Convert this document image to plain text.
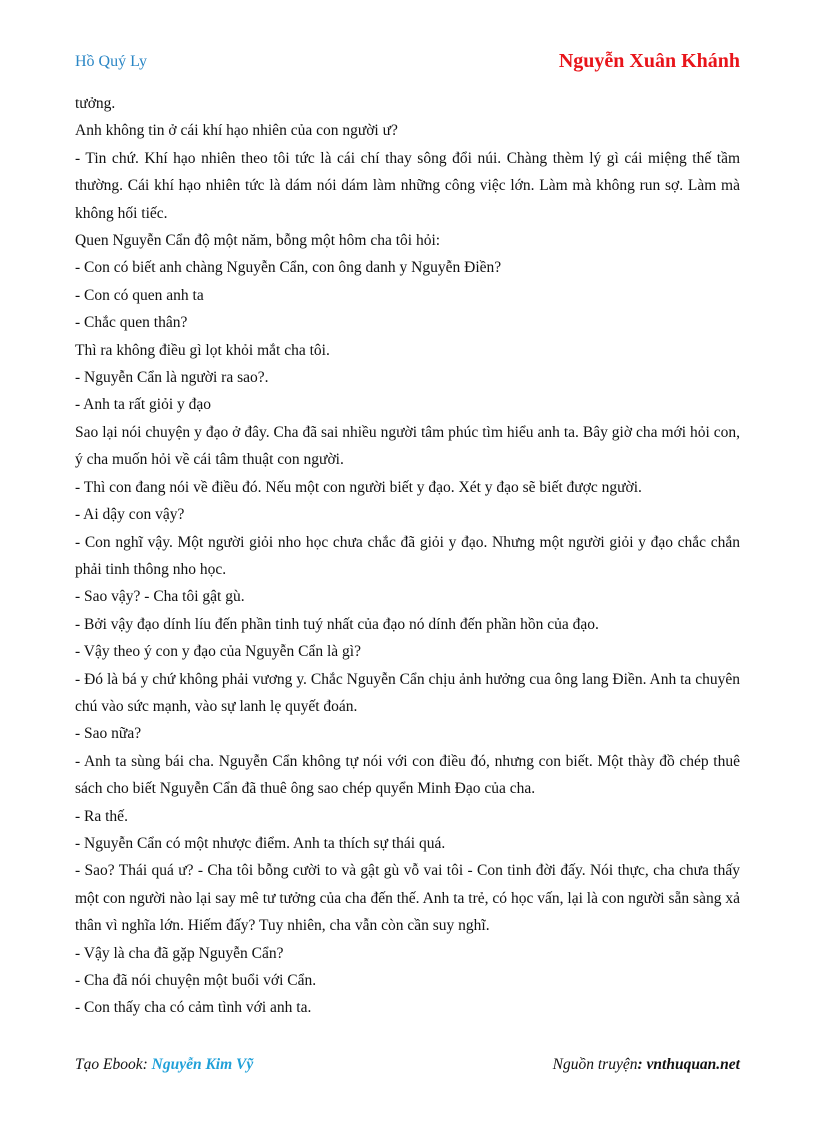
Hồ Quý Ly	Nguyễn Xuân Khánh

tưởng.

Anh không tin ở cái khí hạo nhiên của con người ư?

- Tin chứ. Khí hạo nhiên theo tôi tức là cái chí thay sông đổi núi. Chàng thèm lý gì cái miệng thế tầm thường. Cái khí hạo nhiên tức là dám nói dám làm những công việc lớn. Làm mà không run sợ. Làm mà không hối tiếc.

Quen Nguyễn Cẩn độ một năm, bỗng một hôm cha tôi hỏi:

- Con có biết anh chàng Nguyễn Cẩn, con ông danh y Nguyễn Điền?

- Con có quen anh ta

- Chắc quen thân?

Thì ra không điều gì lọt khỏi mắt cha tôi.

- Nguyễn Cẩn là người ra sao?.

- Anh ta rất giỏi y đạo

Sao lại nói chuyện y đạo ở đây. Cha đã sai nhiều người tâm phúc tìm hiểu anh ta. Bây giờ cha mới hỏi con, ý cha muốn hỏi về cái tâm thuật con người.

- Thì con đang nói về điều đó. Nếu một con người biết y đạo. Xét y đạo sẽ biết được người.

- Ai dậy con vậy?

- Con nghĩ vậy. Một người giỏi nho học chưa chắc đã giỏi y đạo. Nhưng một người giỏi y đạo chắc chắn phải tinh thông nho học.

- Sao vậy? - Cha tôi gật gù.

- Bởi vậy đạo dính líu đến phần tinh tuý nhất của đạo nó dính đến phần hồn của đạo.

- Vậy theo ý con y đạo của Nguyễn Cẩn là gì?

- Đó là bá y chứ không phải vương y. Chắc Nguyễn Cẩn chịu ảnh hưởng cua ông lang Điền. Anh ta chuyên chú vào sức mạnh, vào sự lanh lẹ quyết đoán.

- Sao nữa?

- Anh ta sùng bái cha. Nguyễn Cẩn không tự nói với con điều đó, nhưng con biết. Một thày đồ chép thuê sách cho biết Nguyễn Cẩn đã thuê ông sao chép quyển Minh Đạo của cha.

- Ra thế.

- Nguyễn Cẩn có một nhược điểm. Anh ta thích sự thái quá.

- Sao? Thái quá ư? - Cha tôi bỗng cười to và gật gù vỗ vai tôi - Con tinh đời đấy. Nói thực, cha chưa thấy một con người nào lại say mê tư tưởng của cha đến thế. Anh ta trẻ, có học vấn, lại là con người sẵn sàng xả thân vì nghĩa lớn. Hiếm đấy? Tuy nhiên, cha vẫn còn cần suy nghĩ.

- Vậy là cha đã gặp Nguyễn Cẩn?

- Cha đã nói chuyện một buổi với Cẩn.

- Con thấy cha có cảm tình với anh ta.

Tạo Ebook: Nguyễn Kim Vỹ	Nguồn truyện: vnthuquan.net
